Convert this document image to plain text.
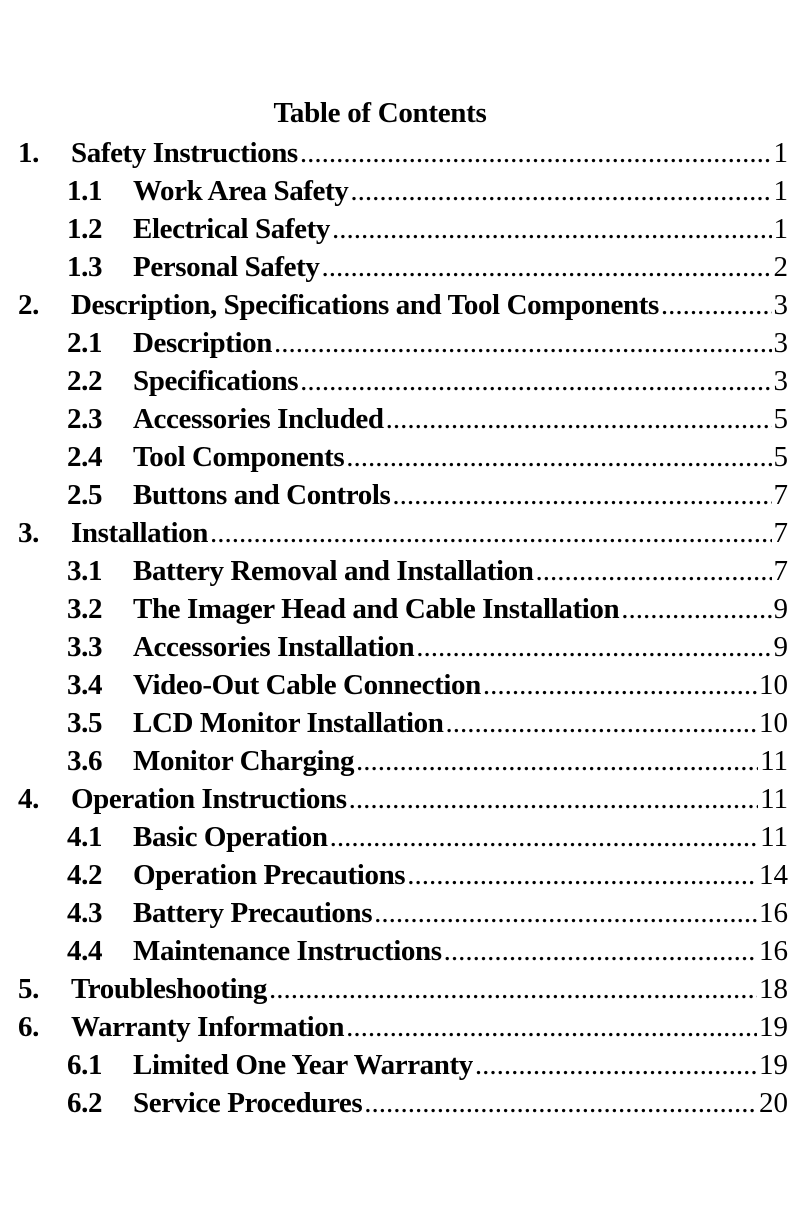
Table of Contents
1.	Safety Instructions .....	1
1.1	Work Area Safety .....	1
1.2	Electrical Safety .....	1
1.3	Personal Safety .....	2
2.	Description, Specifications and Tool Components .....	3
2.1	Description .....	3
2.2	Specifications .....	3
2.3	Accessories Included .....	5
2.4	Tool Components .....	5
2.5	Buttons and Controls .....	7
3.	Installation .....	7
3.1	Battery Removal and Installation .....	7
3.2	The Imager Head and Cable Installation .....	9
3.3	Accessories Installation .....	9
3.4	Video-Out Cable Connection .....	10
3.5	LCD Monitor Installation .....	10
3.6	Monitor Charging .....	11
4.	Operation Instructions .....	11
4.1	Basic Operation .....	11
4.2	Operation Precautions .....	14
4.3	Battery Precautions .....	16
4.4	Maintenance Instructions .....	16
5.	Troubleshooting .....	18
6.	Warranty Information .....	19
6.1	Limited One Year Warranty .....	19
6.2	Service Procedures .....	20
